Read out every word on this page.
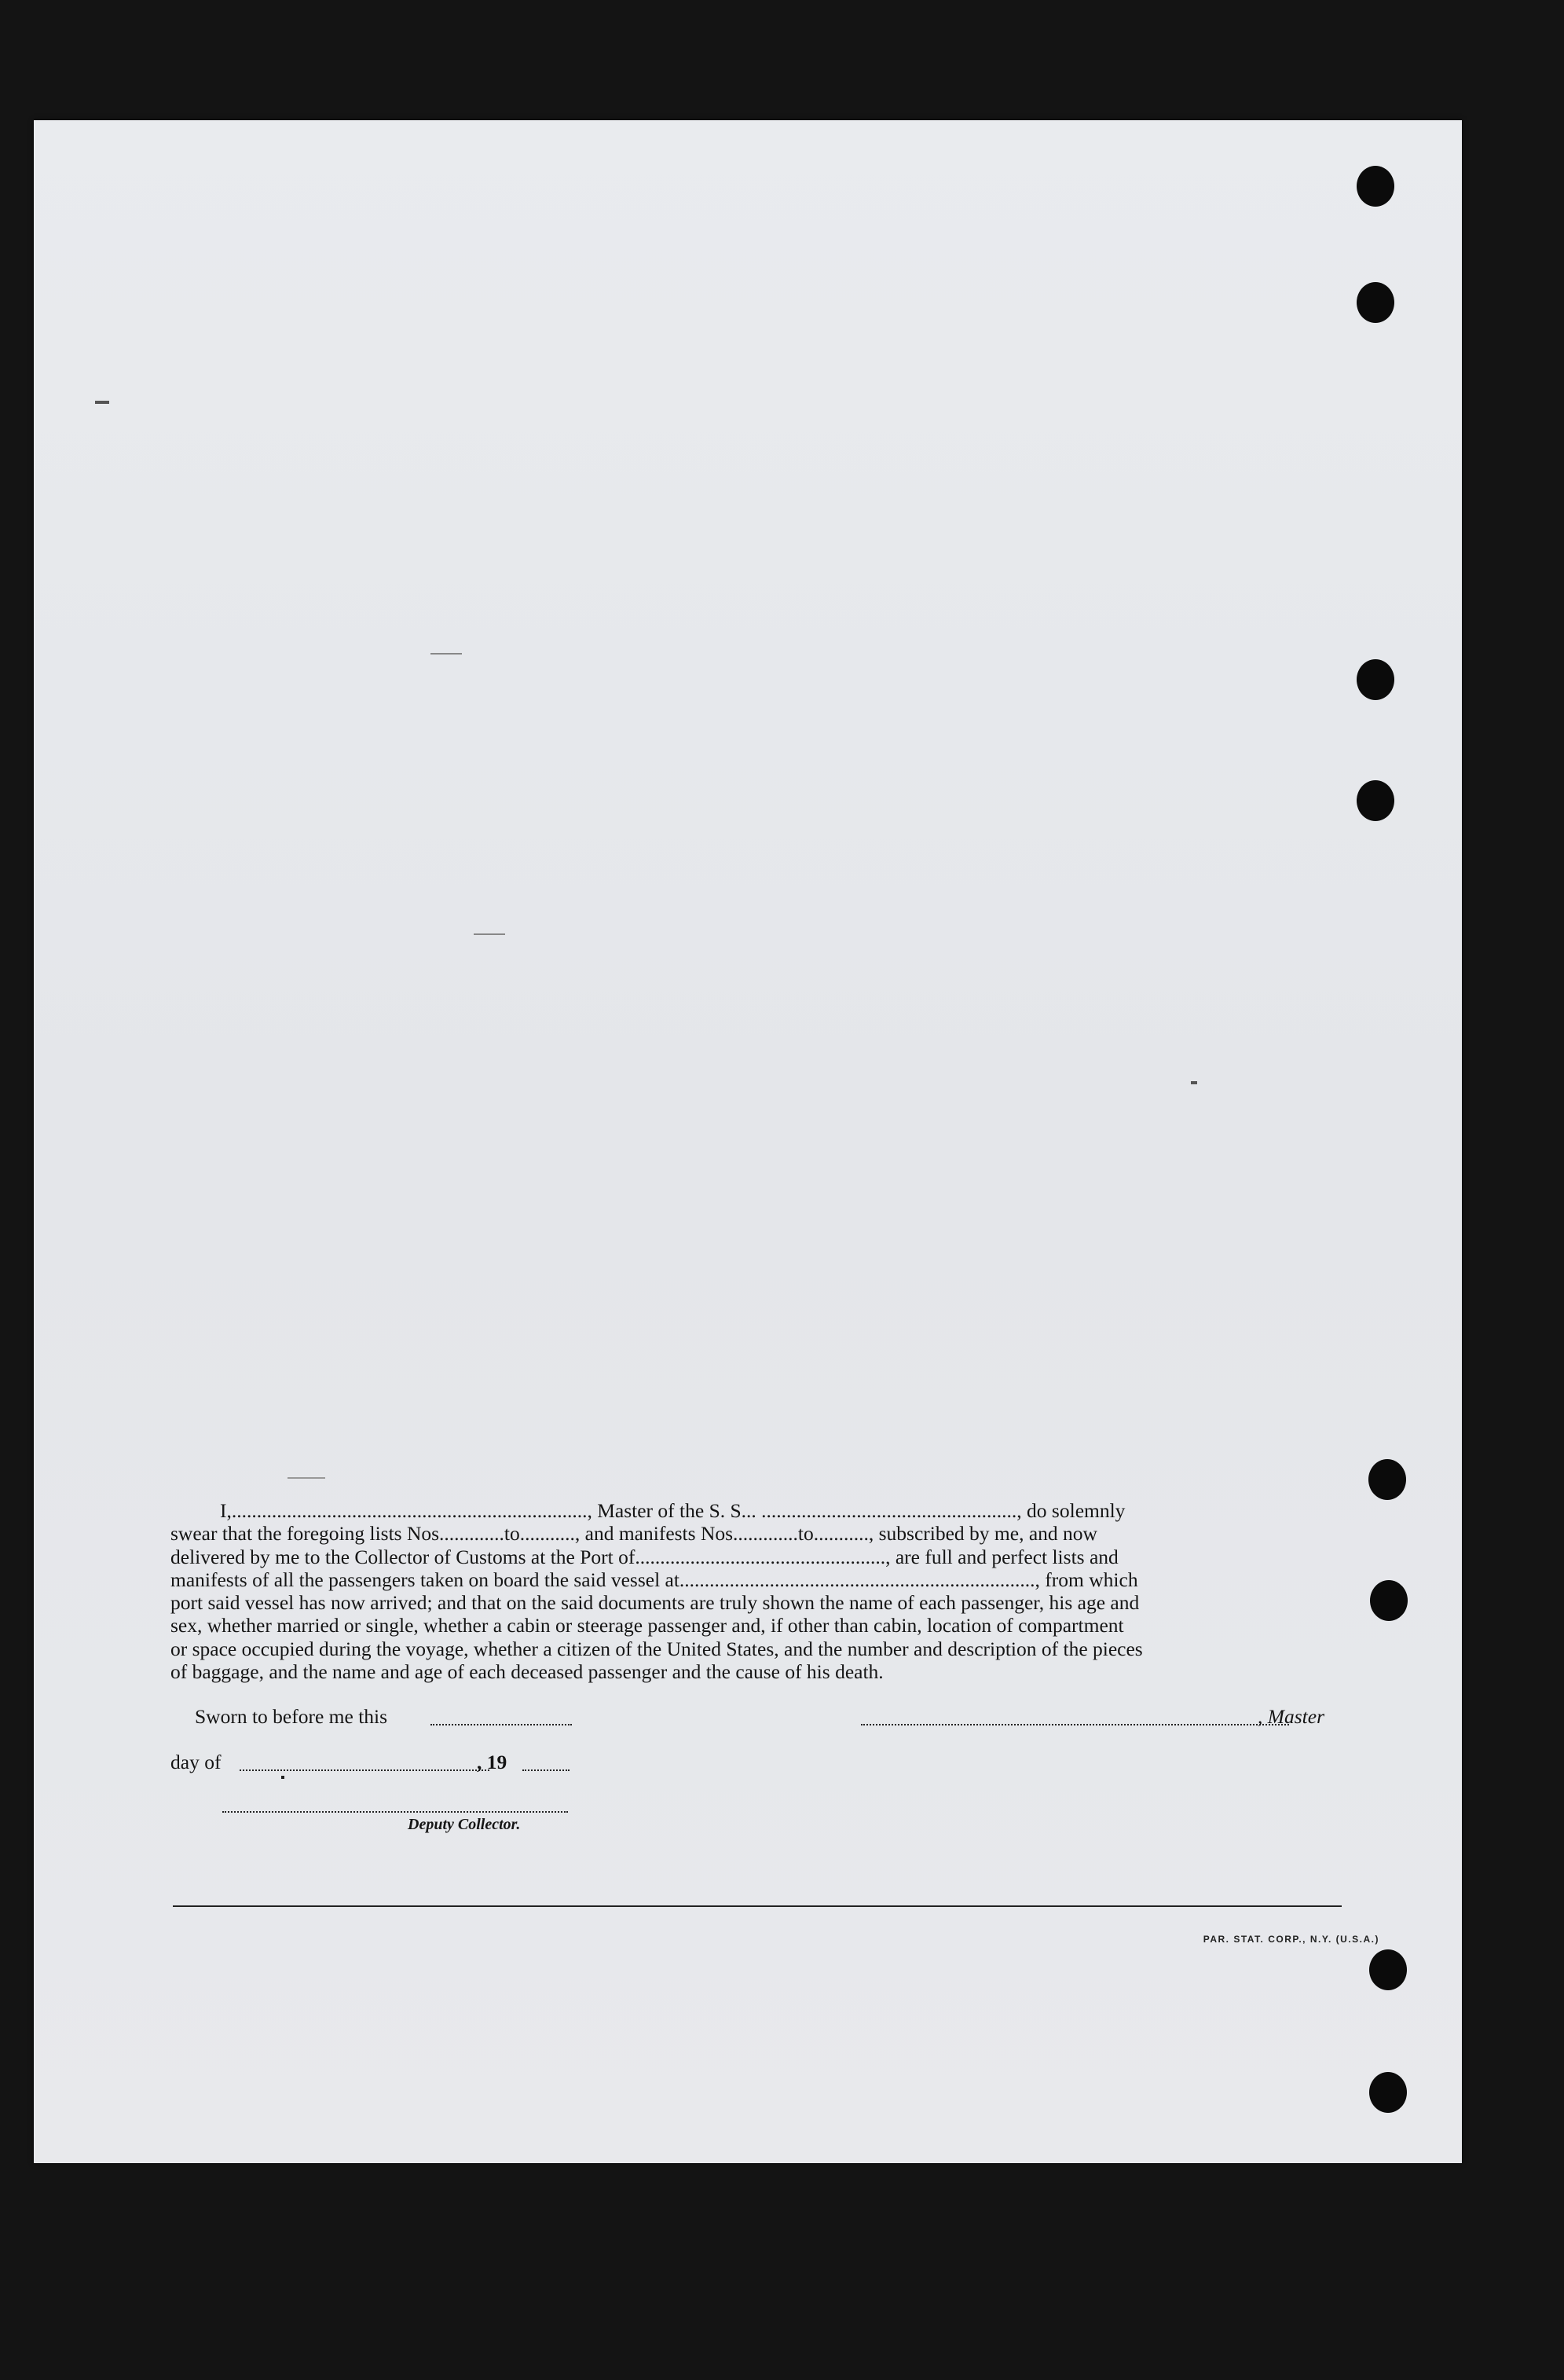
I,......................................................................., Master of the S. S... ..................................................., do solemnly

swear that the foregoing lists Nos.............to..........., and manifests Nos.............to..........., subscribed by me, and now

delivered by me to the Collector of Customs at the Port of.................................................., are full and perfect lists and

manifests of all the passengers taken on board the said vessel at......................................................................., from which

port said vessel has now arrived; and that on the said documents are truly shown the name of each passenger, his age and

sex, whether married or single, whether a cabin or steerage passenger and, if other than cabin, location of compartment

or space occupied during the voyage, whether a citizen of the United States, and the number and description of the pieces

of baggage, and the name and age of each deceased passenger and the cause of his death.

Sworn to before me this	, Master
day of	, 19
Deputy Collector.
PAR. STAT. CORP., N.Y. (U.S.A.)
